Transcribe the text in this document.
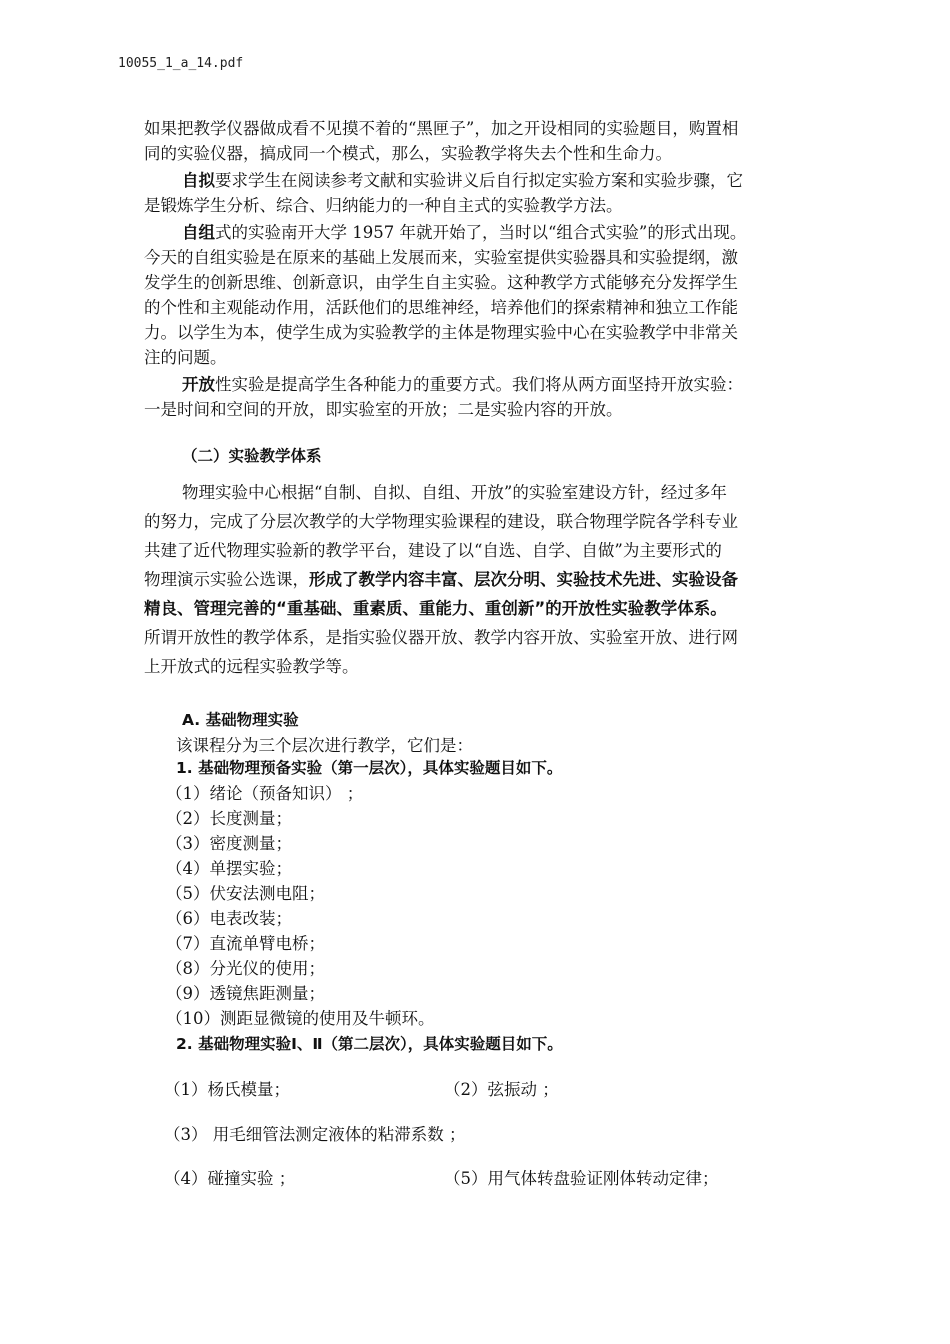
10055_1_a_14.pdf
如果把教学仪器做成看不见摸不着的“黑匣子”，加之开设相同的实验题目，购置相
同的实验仪器，搞成同一个模式，那么，实验教学将失去个性和生命力。
自拟要求学生在阅读参考文献和实验讲义后自行拟定实验方案和实验步骤，它
是锻炼学生分析、综合、归纳能力的一种自主式的实验教学方法。
自组式的实验南开大学 1957 年就开始了，当时以“组合式实验”的形式出现。
今天的自组实验是在原来的基础上发展而来，实验室提供实验器具和实验提纲，激
发学生的创新思维、创新意识，由学生自主实验。这种教学方式能够充分发挥学生
的个性和主观能动作用，活跃他们的思维神经，培养他们的探索精神和独立工作能
力。以学生为本，使学生成为实验教学的主体是物理实验中心在实验教学中非常关
注的问题。
开放性实验是提高学生各种能力的重要方式。我们将从两方面坚持开放实验：
一是时间和空间的开放，即实验室的开放；二是实验内容的开放。
（二）实验教学体系
物理实验中心根据“自制、自拟、自组、开放”的实验室建设方针，经过多年
的努力，完成了分层次教学的大学物理实验课程的建设，联合物理学院各学科专业
共建了近代物理实验新的教学平台，建设了以“自选、自学、自做”为主要形式的
物理演示实验公选课，形成了教学内容丰富、层次分明、实验技术先进、实验设备
精良、管理完善的“重基础、重素质、重能力、重创新”的开放性实验教学体系。
所谓开放性的教学体系，是指实验仪器开放、教学内容开放、实验室开放、进行网
上开放式的远程实验教学等。
A. 基础物理实验
该课程分为三个层次进行教学，它们是：
1. 基础物理预备实验（第一层次），具体实验题目如下。
（1）绪论（预备知识） ；
（2）长度测量；
（3）密度测量；
（4）单摆实验；
（5）伏安法测电阻；
（6）电表改装；
（7）直流单臂电桥；
（8）分光仪的使用；
（9）透镜焦距测量；
（10）测距显微镜的使用及牛顿环。
2. 基础物理实验Ⅰ、Ⅱ（第二层次），具体实验题目如下。
（1）杨氏模量；	（2）弦振动 ；
（3） 用毛细管法测定液体的粘滞系数 ；
（4）碰撞实验 ；	（5）用气体转盘验证刚体转动定律；
